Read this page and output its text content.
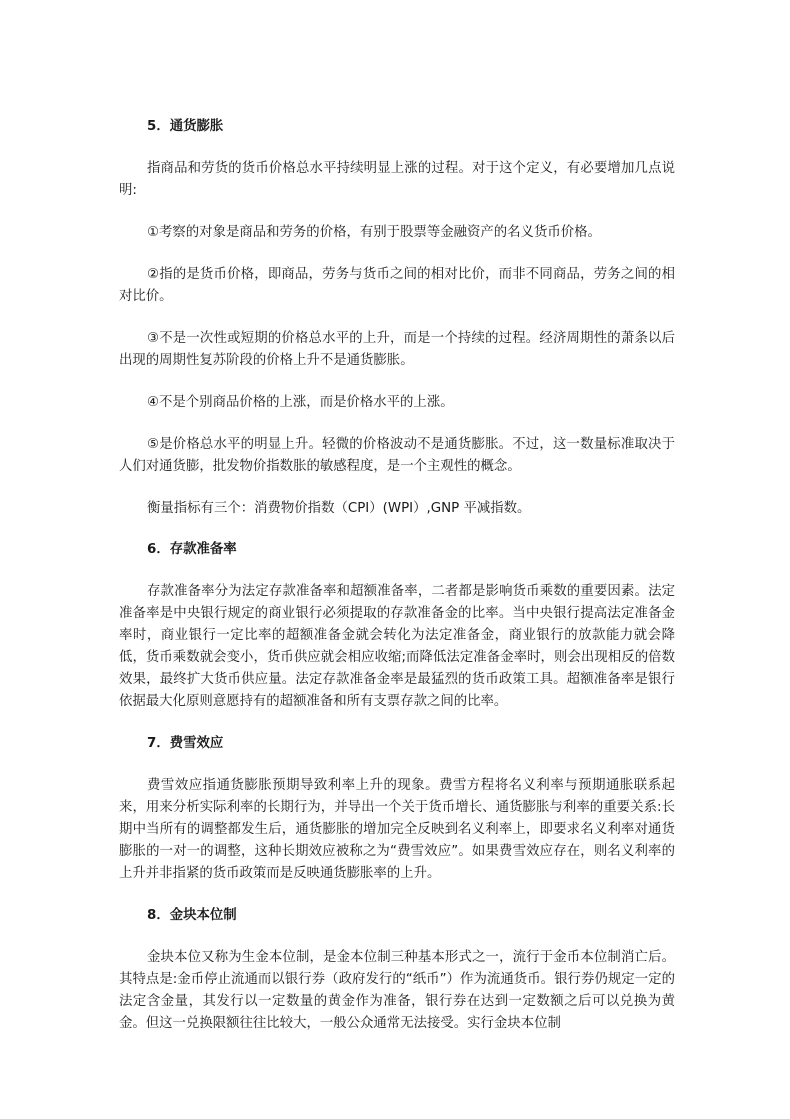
5．通货膨胀

指商品和劳货的货币价格总水平持续明显上涨的过程。对于这个定义，有必要增加几点说明:

①考察的对象是商品和劳务的价格，有别于股票等金融资产的名义货币价格。

②指的是货币价格，即商品，劳务与货币之间的相对比价，而非不同商品，劳务之间的相对比价。

③不是一次性或短期的价格总水平的上升，而是一个持续的过程。经济周期性的萧条以后出现的周期性复苏阶段的价格上升不是通货膨胀。

④不是个别商品价格的上涨，而是价格水平的上涨。

⑤是价格总水平的明显上升。轻微的价格波动不是通货膨胀。不过，这一数量标准取决于人们对通货膨，批发物价指数胀的敏感程度，是一个主观性的概念。

衡量指标有三个：消费物价指数（CPI）(WPI）,GNP 平减指数。

6．存款准备率

存款准备率分为法定存款准备率和超额准备率，二者都是影响货币乘数的重要因素。法定准备率是中央银行规定的商业银行必须提取的存款准备金的比率。当中央银行提高法定准备金率时，商业银行一定比率的超额准备金就会转化为法定准备金，商业银行的放款能力就会降低，货币乘数就会变小，货币供应就会相应收缩;而降低法定准备金率时，则会出现相反的倍数效果，最终扩大货币供应量。法定存款准备金率是最猛烈的货币政策工具。超额准备率是银行依据最大化原则意愿持有的超额准备和所有支票存款之间的比率。

7．费雪效应

费雪效应指通货膨胀预期导致利率上升的现象。费雪方程将名义利率与预期通胀联系起来，用来分析实际利率的长期行为，并导出一个关于货币增长、通货膨胀与利率的重要关系:长期中当所有的调整都发生后，通货膨胀的增加完全反映到名义利率上，即要求名义利率对通货膨胀的一对一的调整，这种长期效应被称之为“费雪效应”。如果费雪效应存在，则名义利率的上升并非指紧的货币政策而是反映通货膨胀率的上升。

8．金块本位制

金块本位又称为生金本位制，是金本位制三种基本形式之一，流行于金币本位制消亡后。其特点是:金币停止流通而以银行券（政府发行的“纸币”）作为流通货币。银行券仍规定一定的法定含金量，其发行以一定数量的黄金作为准备，银行券在达到一定数额之后可以兑换为黄金。但这一兑换限额往往比较大，一般公众通常无法接受。实行金块本位制
